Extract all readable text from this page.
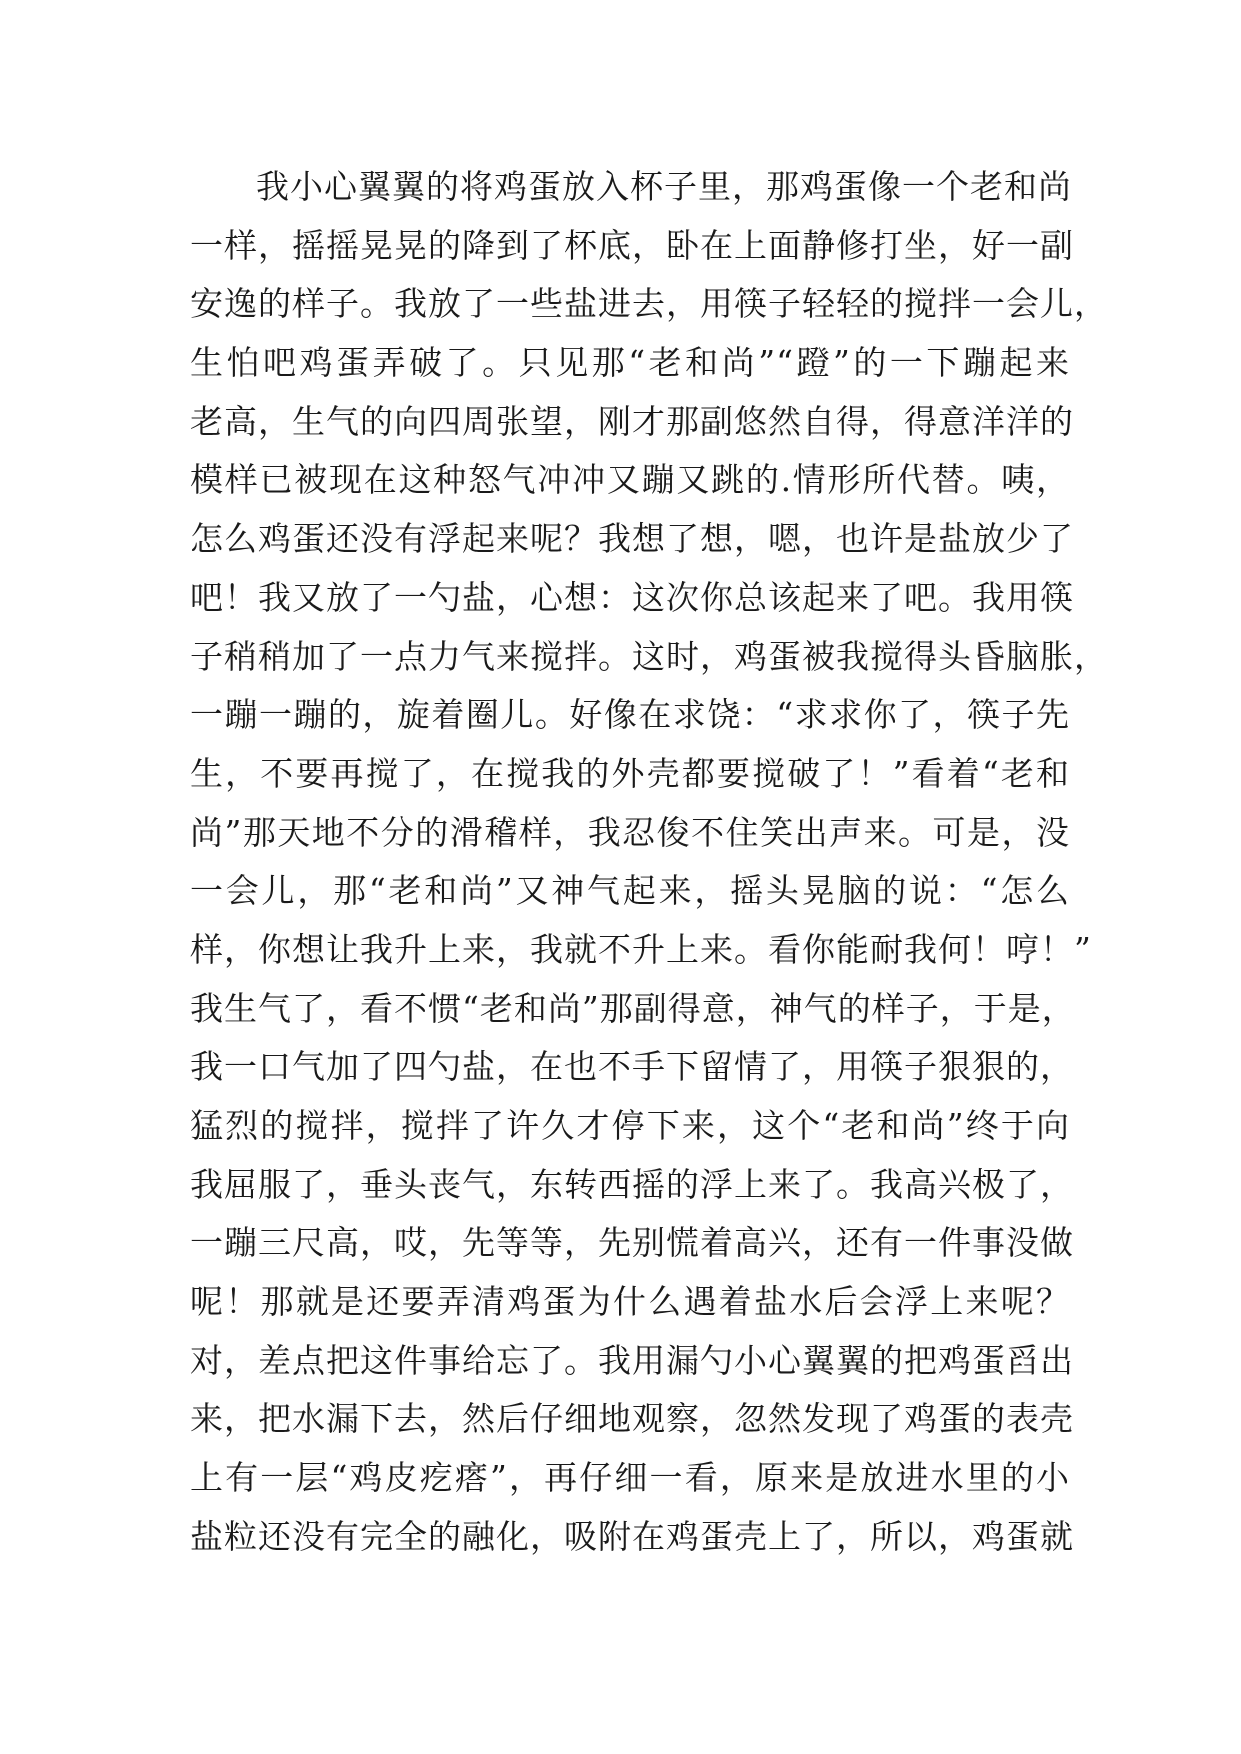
我小心翼翼的将鸡蛋放入杯子里，那鸡蛋像一个老和尚
一样，摇摇晃晃的降到了杯底，卧在上面静修打坐，好一副
安逸的样子。我放了一些盐进去，用筷子轻轻的搅拌一会儿，
生怕吧鸡蛋弄破了。只见那“老和尚”“蹬”的一下蹦起来
老高，生气的向四周张望，刚才那副悠然自得，得意洋洋的
模样已被现在这种怒气冲冲又蹦又跳的.情形所代替。咦，
怎么鸡蛋还没有浮起来呢？我想了想，嗯，也许是盐放少了
吧！我又放了一勺盐，心想：这次你总该起来了吧。我用筷
子稍稍加了一点力气来搅拌。这时，鸡蛋被我搅得头昏脑胀，
一蹦一蹦的，旋着圈儿。好像在求饶：“求求你了，筷子先
生，不要再搅了，在搅我的外壳都要搅破了！”看着“老和
尚”那天地不分的滑稽样，我忍俊不住笑出声来。可是，没
一会儿，那“老和尚”又神气起来，摇头晃脑的说：“怎么
样，你想让我升上来，我就不升上来。看你能耐我何！哼！”
我生气了，看不惯“老和尚”那副得意，神气的样子，于是，
我一口气加了四勺盐，在也不手下留情了，用筷子狠狠的，
猛烈的搅拌，搅拌了许久才停下来，这个“老和尚”终于向
我屈服了，垂头丧气，东转西摇的浮上来了。我高兴极了，
一蹦三尺高，哎，先等等，先别慌着高兴，还有一件事没做
呢！那就是还要弄清鸡蛋为什么遇着盐水后会浮上来呢？
对，差点把这件事给忘了。我用漏勺小心翼翼的把鸡蛋舀出
来，把水漏下去，然后仔细地观察，忽然发现了鸡蛋的表壳
上有一层“鸡皮疙瘩”，再仔细一看，原来是放进水里的小
盐粒还没有完全的融化，吸附在鸡蛋壳上了，所以，鸡蛋就
